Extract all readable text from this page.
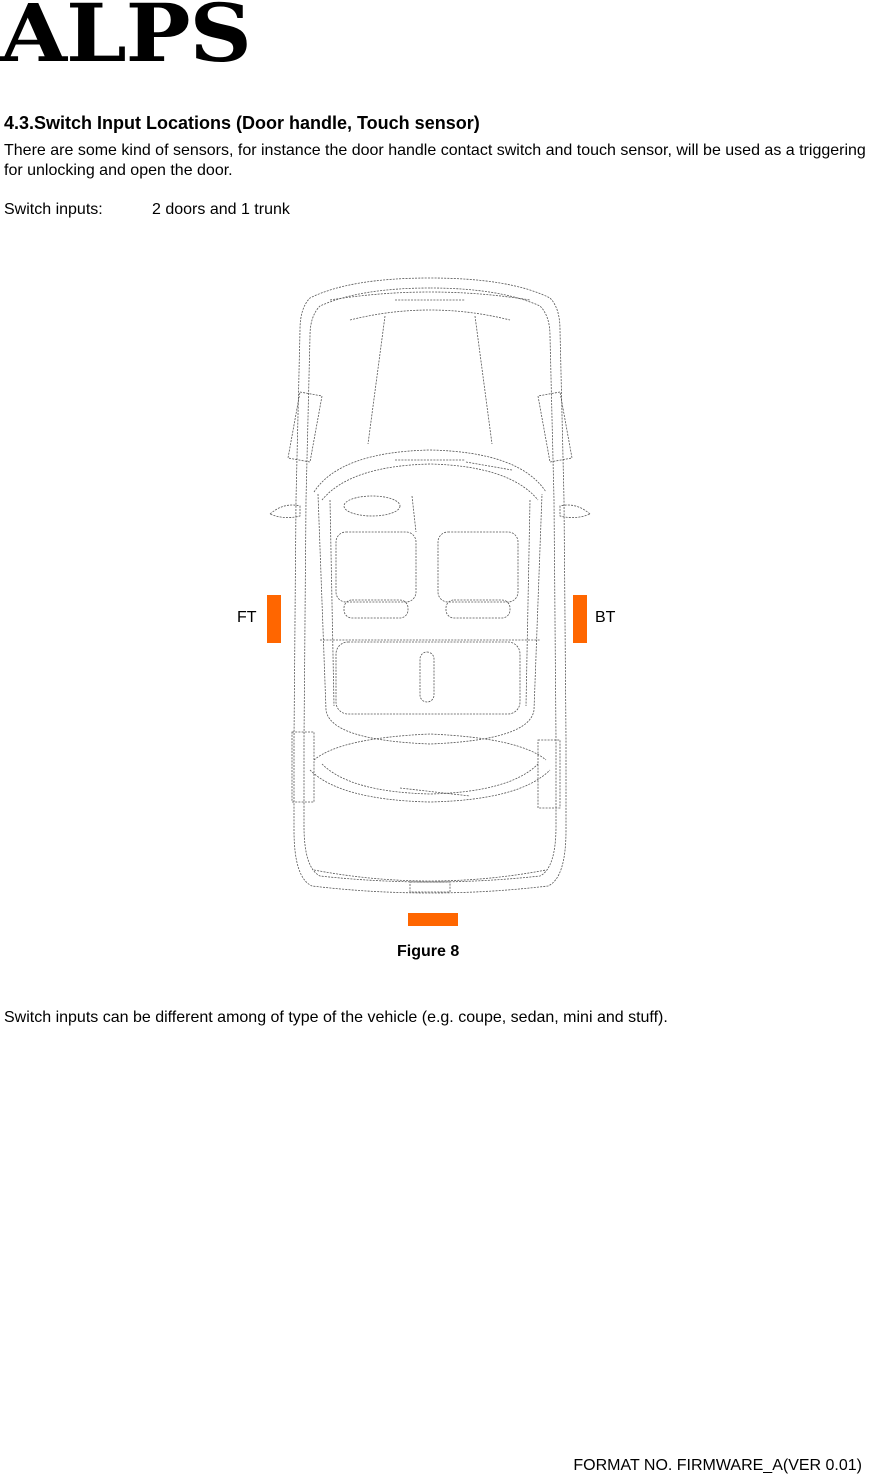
ALPS
4.3.Switch Input Locations (Door handle, Touch sensor)
There are some kind of sensors, for instance the door handle contact switch and touch sensor, will be used as a triggering for unlocking and open the door.
Switch inputs:	2 doors and 1 trunk
FT	BT
Figure 8
Switch inputs can be different among of type of the vehicle (e.g. coupe, sedan, mini and stuff).
FORMAT NO. FIRMWARE_A(VER 0.01)
